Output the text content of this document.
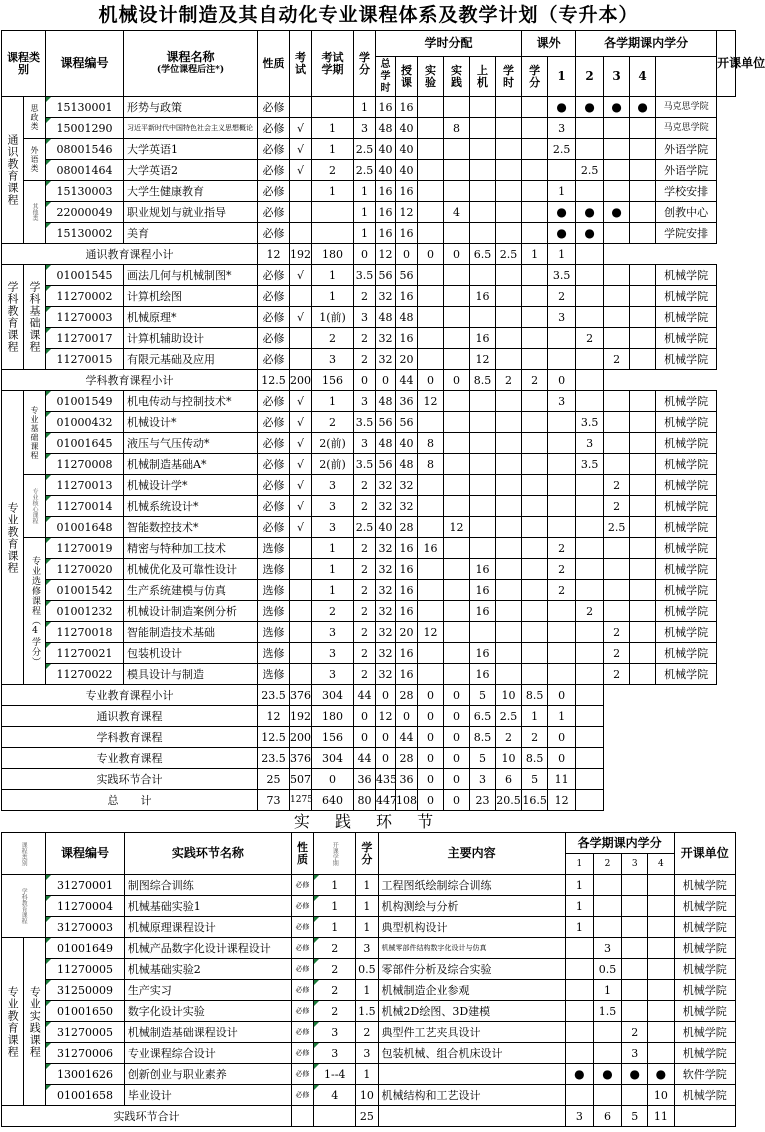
机械设计制造及其自动化专业课程体系及教学计划（专升本）
课程类别		课程编号	课程名称
(学位课程后注*)	性质	考试	考试学期	学分	学时分配						课外		各学期课内学分				开课单位
								总学时	授课	实验	实践	上机	学时	学分	1	2	3	4		
通识教育课程	思政类	15130001	形势与政策	必修			1	16	16						●	●	●	●	马克思学院	
		15001290	习近平新时代中国特色社会主义思想概论	必修	√	1	3	48	40		8				3				马克思学院	
	外语类	08001546	大学英语1	必修	√	1	2.5	40	40						2.5				外语学院	
		08001464	大学英语2	必修	√	2	2.5	40	40							2.5			外语学院	
	其他类	15130003	大学生健康教育	必修		1	1	16	16						1				学校安排	
		22000049	职业规划与就业指导	必修			1	16	12		4				●	●	●		创教中心	
		15130002	美育	必修			1	16	16						●	●			学院安排	
通识教育课程小计				12	192	180	0	12	0	0	0	6.5	2.5	1	1					
学科教育课程	学科基础课程	01001545	画法几何与机械制图*	必修	√	1	3.5	56	56						3.5				机械学院	
		11270002	计算机绘图	必修		1	2	32	16			16			2				机械学院	
		11270003	机械原理*	必修	√	1(前)	3	48	48						3				机械学院	
		11270017	计算机辅助设计	必修		2	2	32	16			16				2			机械学院	
		11270015	有限元基础及应用	必修		3	2	32	20			12					2		机械学院	
学科教育课程小计				12.5	200	156	0	0	44	0	0	8.5	2	2	0					
专业教育课程	专业基础课程	01001549	机电传动与控制技术*	必修	√	1	3	48	36	12					3				机械学院	
		01000432	机械设计*	必修	√	2	3.5	56	56							3.5			机械学院	
		01001645	液压与气压传动*	必修	√	2(前)	3	48	40	8						3			机械学院	
		11270008	机械制造基础A*	必修	√	2(前)	3.5	56	48	8						3.5			机械学院	
	专业核心课程	11270013	机械设计学*	必修	√	3	2	32	32								2		机械学院	
		11270014	机械系统设计*	必修	√	3	2	32	32								2		机械学院	
		01001648	智能数控技术*	必修	√	3	2.5	40	28		12						2.5		机械学院	
	专业选修课程（4学分）	11270019	精密与特种加工技术	选修		1	2	32	16	16					2				机械学院	
		11270020	机械优化及可靠性设计	选修		1	2	32	16			16			2				机械学院	
		01001542	生产系统建模与仿真	选修		1	2	32	16			16			2				机械学院	
		01001232	机械设计制造案例分析	选修		2	2	32	16			16				2			机械学院	
		11270018	智能制造技术基础	选修		3	2	32	20	12							2		机械学院	
		11270021	包装机设计	选修		3	2	32	16			16					2		机械学院	
		11270022	模具设计与制造	选修		3	2	32	16			16					2		机械学院	
专业教育课程小计				23.5	376	304	44	0	28	0	0	5	10	8.5	0					
通识教育课程				12	192	180	0	12	0	0	0	6.5	2.5	1	1					
学科教育课程				12.5	200	156	0	0	44	0	0	8.5	2	2	0					
专业教育课程				23.5	376	304	44	0	28	0	0	5	10	8.5	0					
实践环节合计				25	507	0	36	435	36	0	0	3	6	5	11					
总　　计				73	1275	640	80	447	108	0	0	23	20.5	16.5	12					
实 践 环 节
课程类别		课程编号	实践环节名称	性质	开课学期	学分	主要内容	各学期课内学分				开课单位
								1	2	3	4	
学科教育课程		31270001	制图综合训练	必修	1	1	工程图纸绘制综合训练	1				机械学院
		11270004	机械基础实验1	必修	1	1	机构测绘与分析	1				机械学院
		31270003	机械原理课程设计	必修	1	1	典型机构设计	1				机械学院
专业教育课程	专业实践课程	01001649	机械产品数字化设计课程设计	必修	2	3	机械零部件结构数字化设计与仿真		3			机械学院
		11270005	机械基础实验2	必修	2	0.5	零部件分析及综合实验		0.5			机械学院
		31250009	生产实习	必修	2	1	机械制造企业参观		1			机械学院
		01001650	数字化设计实验	必修	2	1.5	机械2D绘图、3D建模		1.5			机械学院
		31270005	机械制造基础课程设计	必修	3	2	典型件工艺夹具设计			2		机械学院
		31270006	专业课程综合设计	必修	3	3	包装机械、组合机床设计			3		机械学院
		13001626	创新创业与职业素养	必修	1--4	1		●	●	●	●	软件学院
		01001658	毕业设计	必修	4	10	机械结构和工艺设计				10	机械学院
实践环节合计						25		3	6	5	11	
